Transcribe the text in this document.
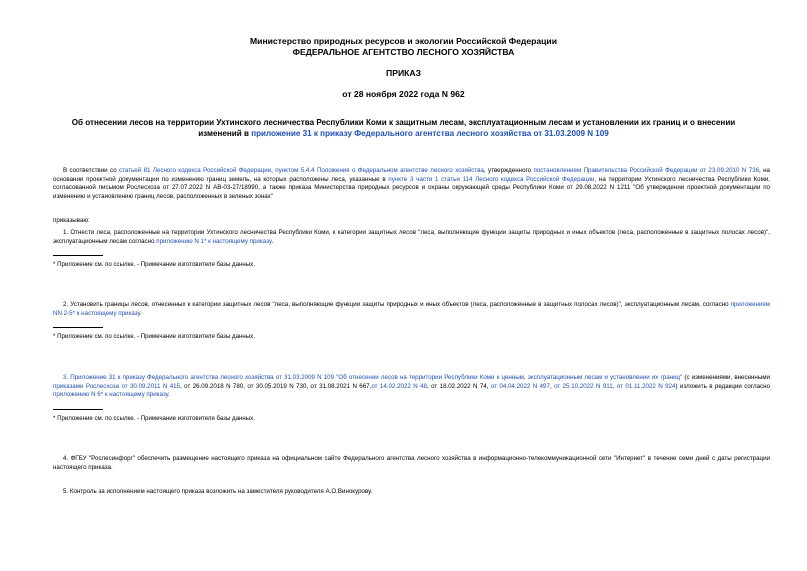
Министерство природных ресурсов и экологии Российской Федерации
ФЕДЕРАЛЬНОЕ АГЕНТСТВО ЛЕСНОГО ХОЗЯЙСТВА
ПРИКАЗ
от 28 ноября 2022 года N 962
Об отнесении лесов на территории Ухтинского лесничества Республики Коми к защитным лесам, эксплуатационным лесам и установлении их границ и о внесении
изменений в приложение 31 к приказу Федерального агентства лесного хозяйства от 31.03.2009 N 109
В соответствии со статьей 81 Лесного кодекса Российской Федерации, пунктом 5.4.4 Положения о Федеральном агентстве лесного хозяйства, утвержденного постановлением Правительства Российской Федерации от 23.09.2010 N 736, на основании проектной документации по изменению границ земель, на которых расположены леса, указанные в пункте 3 части 1 статьи 114 Лесного кодекса Российской Федерации, на территории Ухтинского лесничества Республики Коми, согласованной письмом Рослесхоза от 27.07.2022 N АВ-03-27/18990, а также приказа Министерства природных ресурсов и охраны окружающей среды Республики Коми от 29.08.2022 N 1211 "Об утверждении проектной документации по изменению и установлению границ лесов, расположенных в зеленых зонах"
приказываю:
1. Отнести леса, расположенные на территории Ухтинского лесничества Республики Коми, к категории защитных лесов "леса, выполняющие функции защиты природных и иных объектов (леса, расположенные в защитных полосах лесов)", эксплуатационным лесам согласно приложению N 1* к настоящему приказу.
* Приложение см. по ссылке. - Примечание изготовителя базы данных.
2. Установить границы лесов, отнесенных к категории защитных лесов "леса, выполняющие функции защиты природных и иных объектов (леса, расположенные в защитных полосах лесов)", эксплуатационным лесам, согласно приложениям NN 2-5* к настоящему приказу.
* Приложение см. по ссылке. - Примечание изготовителя базы данных.
3. Приложение 31 к приказу Федерального агентства лесного хозяйства от 31.03.2009 N 109 "Об отнесении лесов на территории Республики Коми к ценным, эксплуатационным лесам и установлении их границ" (с изменениями, внесенными приказами Рослесхоза от 30.09.2011 N 415, от 26.09.2018 N 780, от 30.05.2019 N 730, от 31.08.2021 N 667,от 14.02.2022 N 48, от 18.02.2022 N 74, от 04.04.2022 N 497, от 25.10.2022 N 911, от 01.11.2022 N 924) изложить в редакции согласно приложению N 6* к настоящему приказу.
* Приложение см. по ссылке. - Примечание изготовителя базы данных.
4. ФГБУ "Рослесинфорг" обеспечить размещение настоящего приказа на официальном сайте Федерального агентства лесного хозяйства в информационно-телекоммуникационной сети "Интернет" в течение семи дней с даты регистрации настоящего приказа.
5. Контроль за исполнением настоящего приказа возложить на заместителя руководителя А.О.Винокурову.
